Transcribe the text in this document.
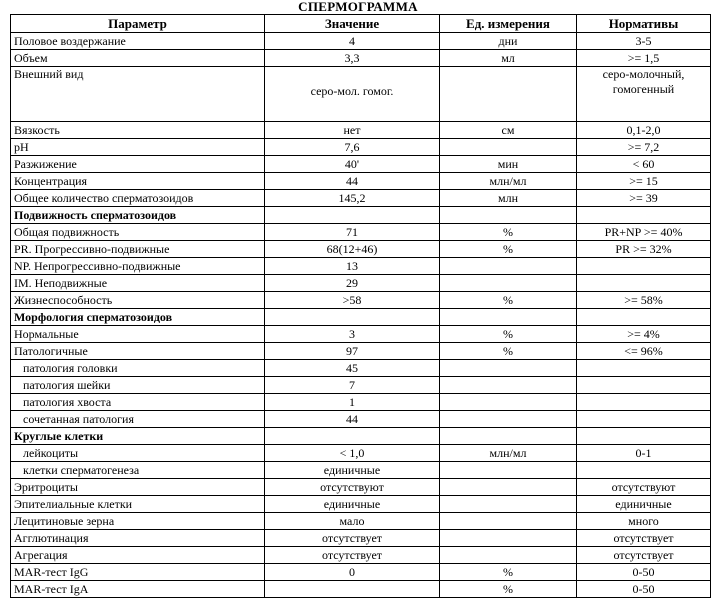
СПЕРМОГРАММА
Параметр	Значение	Ед. измерения	Нормативы
Половое воздержание	4	дни	3-5
Объем	3,3	мл	>= 1,5
Внешний вид	серо-мол. гомог.		серо-молочный, гомогенный
Вязкость	нет	см	0,1-2,0
pH	7,6		>= 7,2
Разжижение	40'	мин	< 60
Концентрация	44	млн/мл	>= 15
Общее количество сперматозоидов	145,2	млн	>= 39
Подвижность сперматозоидов			
Общая подвижность	71	%	PR+NP >= 40%
PR. Прогрессивно-подвижные	68(12+46)	%	PR >= 32%
NP. Непрогрессивно-подвижные	13		
IM. Неподвижные	29		
Жизнеспособность	>58	%	>= 58%
Морфология сперматозоидов			
Нормальные	3	%	>= 4%
Патологичные	97	%	<= 96%
патология головки	45		
патология шейки	7		
патология хвоста	1		
сочетанная патология	44		
Круглые клетки			
лейкоциты	< 1,0	млн/мл	0-1
клетки сперматогенеза	единичные		
Эритроциты	отсутствуют		отсутствуют
Эпителиальные клетки	единичные		единичные
Лецитиновые зерна	мало		много
Агглютинация	отсутствует		отсутствует
Агрегация	отсутствует		отсутствует
MAR-тест IgG	0	%	0-50
MAR-тест IgA		%	0-50
